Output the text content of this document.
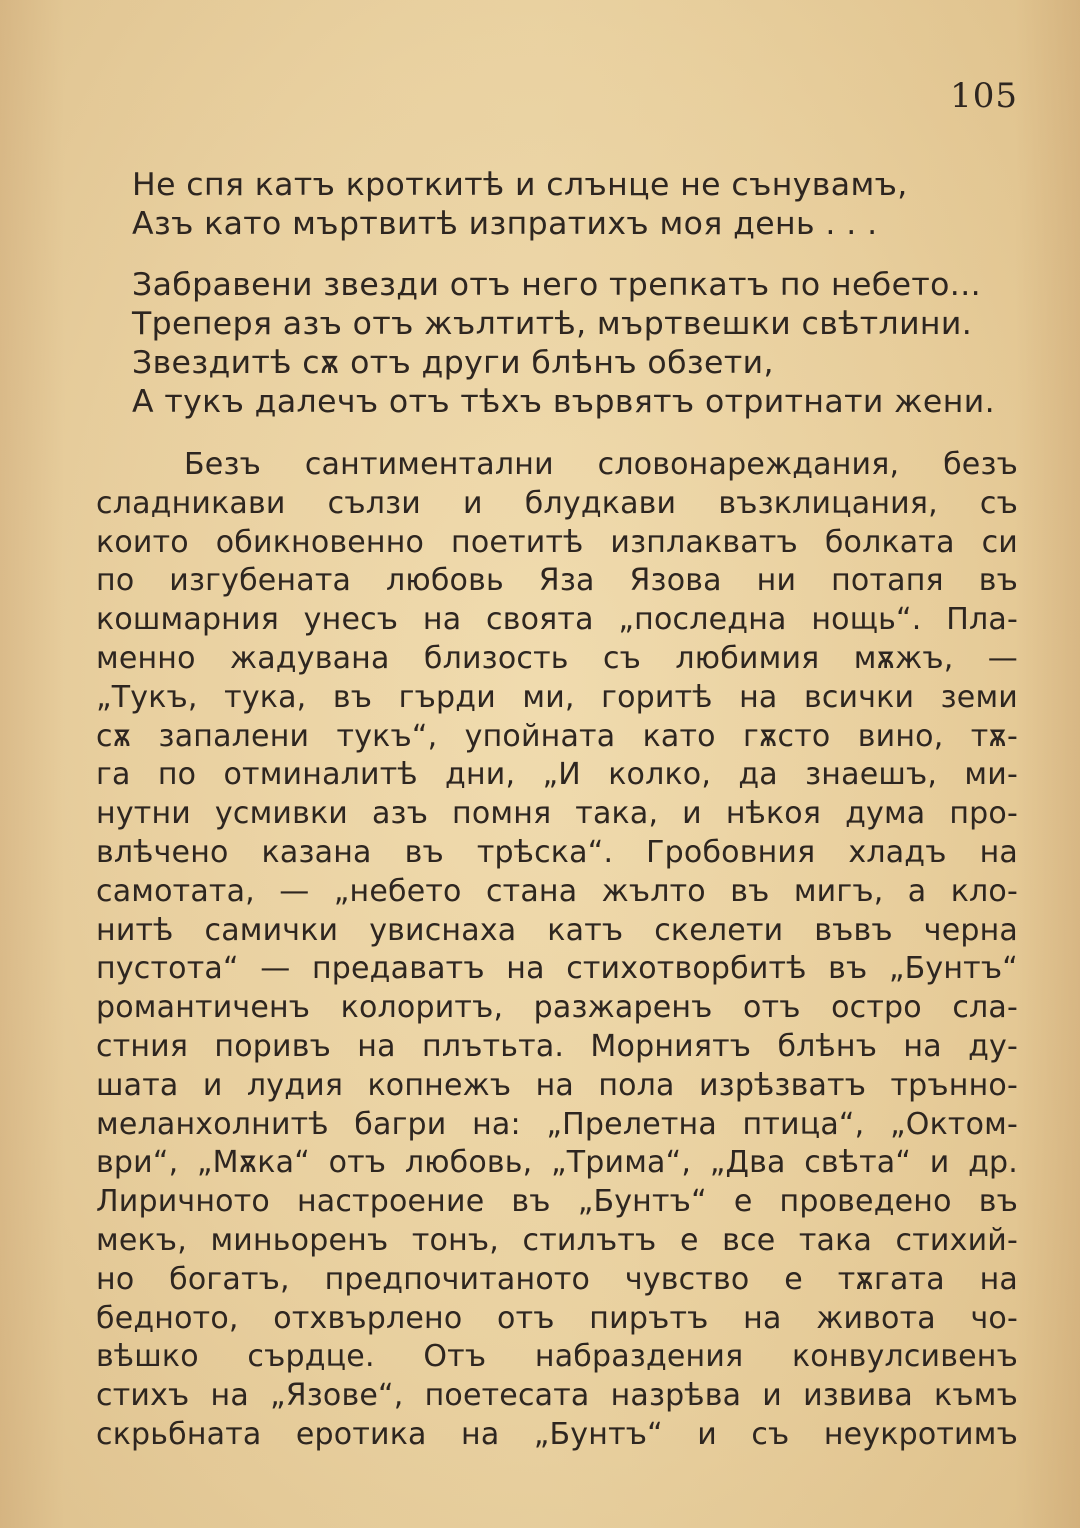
105
Не спя катъ кроткитѣ и слънце не сънувамъ,
Азъ като мъртвитѣ изпратихъ моя день . . .
Забравени звезди отъ него трепкатъ по небето...
Треперя азъ отъ жълтитѣ, мъртвешки свѣтлини.
Звездитѣ сѫ отъ други блѣнъ обзети,
А тукъ далечъ отъ тѣхъ вървятъ отритнати жени.
Безъ сантиментални словонареждания, безъ
сладникави сълзи и блудкави възклицания, съ
които обикновенно поетитѣ изплакватъ болката си
по изгубената любовь Яза Язова ни потапя въ
кошмарния унесъ на своята „последна нощь“. Пла-
менно жадувана близость съ любимия мѫжъ, —
„Тукъ, тука, въ гърди ми, горитѣ на всички земи
сѫ запалени тукъ“, упойната като гѫсто вино, тѫ-
га по отминалитѣ дни, „И колко, да знаешъ, ми-
нутни усмивки азъ помня така, и нѣкоя дума про-
влѣчено казана въ трѣска“. Гробовния хладъ на
самотата, — „небето стана жълто въ мигъ, а кло-
нитѣ самички увиснаха катъ скелети въвъ черна
пустота“ — предаватъ на стихотворбитѣ въ „Бунтъ“
романтиченъ колоритъ, разжаренъ отъ остро сла-
стния поривъ на плътьта. Морниятъ блѣнъ на ду-
шата и лудия копнежъ на пола изрѣзватъ трънно-
меланхолнитѣ багри на: „Прелетна птица“, „Октом-
ври“, „Мѫка“ отъ любовь, „Трима“, „Два свѣта“ и др.
Лиричното настроение въ „Бунтъ“ е проведено въ
мекъ, миньоренъ тонъ, стилътъ е все така стихий-
но богатъ, предпочитаното чувство е тѫгата на
бедното, отхвърлено отъ пирътъ на живота чо-
вѣшко сърдце. Отъ набраздения конвулсивенъ
стихъ на „Язове“, поетесата назрѣва и извива къмъ
скрьбната еротика на „Бунтъ“ и съ неукротимъ
